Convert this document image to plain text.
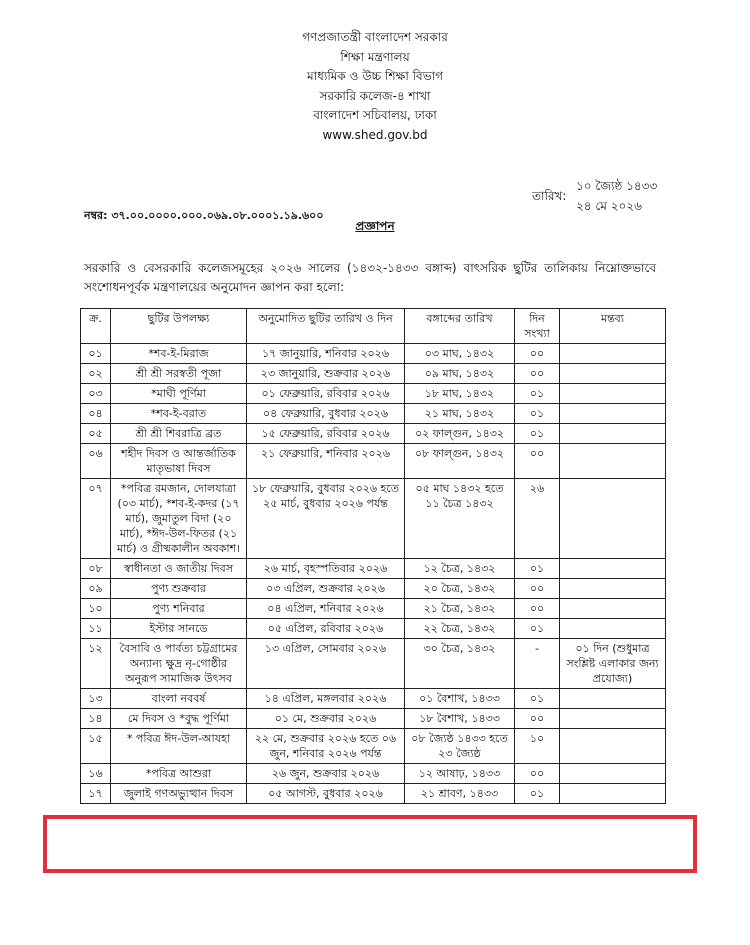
গণপ্রজাতন্ত্রী বাংলাদেশ সরকার
শিক্ষা মন্ত্রণালয়
মাধ্যমিক ও উচ্চ শিক্ষা বিভাগ
সরকারি কলেজ-৪ শাখা
বাংলাদেশ সচিবালয়, ঢাকা
www.shed.gov.bd
তারিখ:
১০ জ্যৈষ্ঠ ১৪৩৩
২৪ মে ২০২৬
নম্বর: ৩৭.০০.০০০০.০০০.০৬৯.০৮.০০০১.১৯.৬০০
প্রজ্ঞাপন
সরকারি ও বেসরকারি কলেজসমূহের ২০২৬ সালের (১৪৩২-১৪৩৩ বঙ্গাব্দ) বাৎসরিক ছুটির তালিকায় নিম্নোক্তভাবে সংশোধনপূর্বক মন্ত্রণালয়ের অনুমোদন জ্ঞাপন করা হলো:
ক্র.	ছুটির উপলক্ষ্য	অনুমোদিত ছুটির তারিখ ও দিন	বঙ্গাব্দের তারিখ	দিন সংখ্যা	মন্তব্য
০১	*শব-ই-মিরাজ	১৭ জানুয়ারি, শনিবার ২০২৬	০৩ মাঘ, ১৪৩২	০০	
০২	শ্রী শ্রী সরস্বতী পূজা	২৩ জানুয়ারি, শুক্রবার ২০২৬	০৯ মাঘ, ১৪৩২	০০	
০৩	*মাঘী পূর্ণিমা	০১ ফেব্রুয়ারি, রবিবার ২০২৬	১৮ মাঘ, ১৪৩২	০১	
০৪	*শব-ই-বরাত	০৪ ফেব্রুয়ারি, বুধবার ২০২৬	২১ মাঘ, ১৪৩২	০১	
০৫	শ্রী শ্রী শিবরাত্রি ব্রত	১৫ ফেব্রুয়ারি, রবিবার ২০২৬	০২ ফাল্গুন, ১৪৩২	০১	
০৬	শহীদ দিবস ও আন্তর্জাতিক মাতৃভাষা দিবস	২১ ফেব্রুয়ারি, শনিবার ২০২৬	০৮ ফাল্গুন, ১৪৩২	০০	
০৭	*পবিত্র রমজান, দোলযাত্রা (০৩ মার্চ), *শব-ই-কদর (১৭ মার্চ), জুমাতুল বিদা (২০ মার্চ), *ঈদ-উল-ফিতর (২১ মার্চ) ও গ্রীষ্মকালীন অবকাশ।	১৮ ফেব্রুয়ারি, বুধবার ২০২৬ হতে ২৫ মার্চ, বুধবার ২০২৬ পর্যন্ত	০৫ মাঘ ১৪৩২ হতে ১১ চৈত্র ১৪৩২	২৬	
০৮	স্বাধীনতা ও জাতীয় দিবস	২৬ মার্চ, বৃহস্পতিবার ২০২৬	১২ চৈত্র, ১৪৩২	০১	
০৯	পুণ্য শুক্রবার	০৩ এপ্রিল, শুক্রবার ২০২৬	২০ চৈত্র, ১৪৩২	০০	
১০	পুণ্য শনিবার	০৪ এপ্রিল, শনিবার ২০২৬	২১ চৈত্র, ১৪৩২	০০	
১১	ইস্টার সানডে	০৫ এপ্রিল, রবিবার ২০২৬	২২ চৈত্র, ১৪৩২	০১	
১২	বৈসাবি ও পার্বত্য চট্টগ্রামের অন্যান্য ক্ষুদ্র নৃ-গোষ্ঠীর অনুরূপ সামাজিক উৎসব	১৩ এপ্রিল, সোমবার ২০২৬	৩০ চৈত্র, ১৪৩২	-	০১ দিন (শুধুমাত্র সংশ্লিষ্ট এলাকার জন্য প্রযোজ্য)
১৩	বাংলা নববর্ষ	১৪ এপ্রিল, মঙ্গলবার ২০২৬	০১ বৈশাখ, ১৪৩৩	০১	
১৪	মে দিবস ও *বুদ্ধ পূর্ণিমা	০১ মে, শুক্রবার ২০২৬	১৮ বৈশাখ, ১৪৩৩	০০	
১৫	* পবিত্র ঈদ-উল-আযহা	২২ মে, শুক্রবার ২০২৬ হতে ০৬ জুন, শনিবার ২০২৬ পর্যন্ত	০৮ জ্যৈষ্ঠ ১৪৩৩ হতে ২৩ জ্যৈষ্ঠ	১০	
১৬	*পবিত্র আশুরা	২৬ জুন, শুক্রবার ২০২৬	১২ আষাঢ়, ১৪৩৩	০০	
১৭	জুলাই গণঅভ্যুত্থান দিবস	০৫ আগস্ট, বুধবার ২০২৬	২১ শ্রাবণ, ১৪৩৩	০১	
